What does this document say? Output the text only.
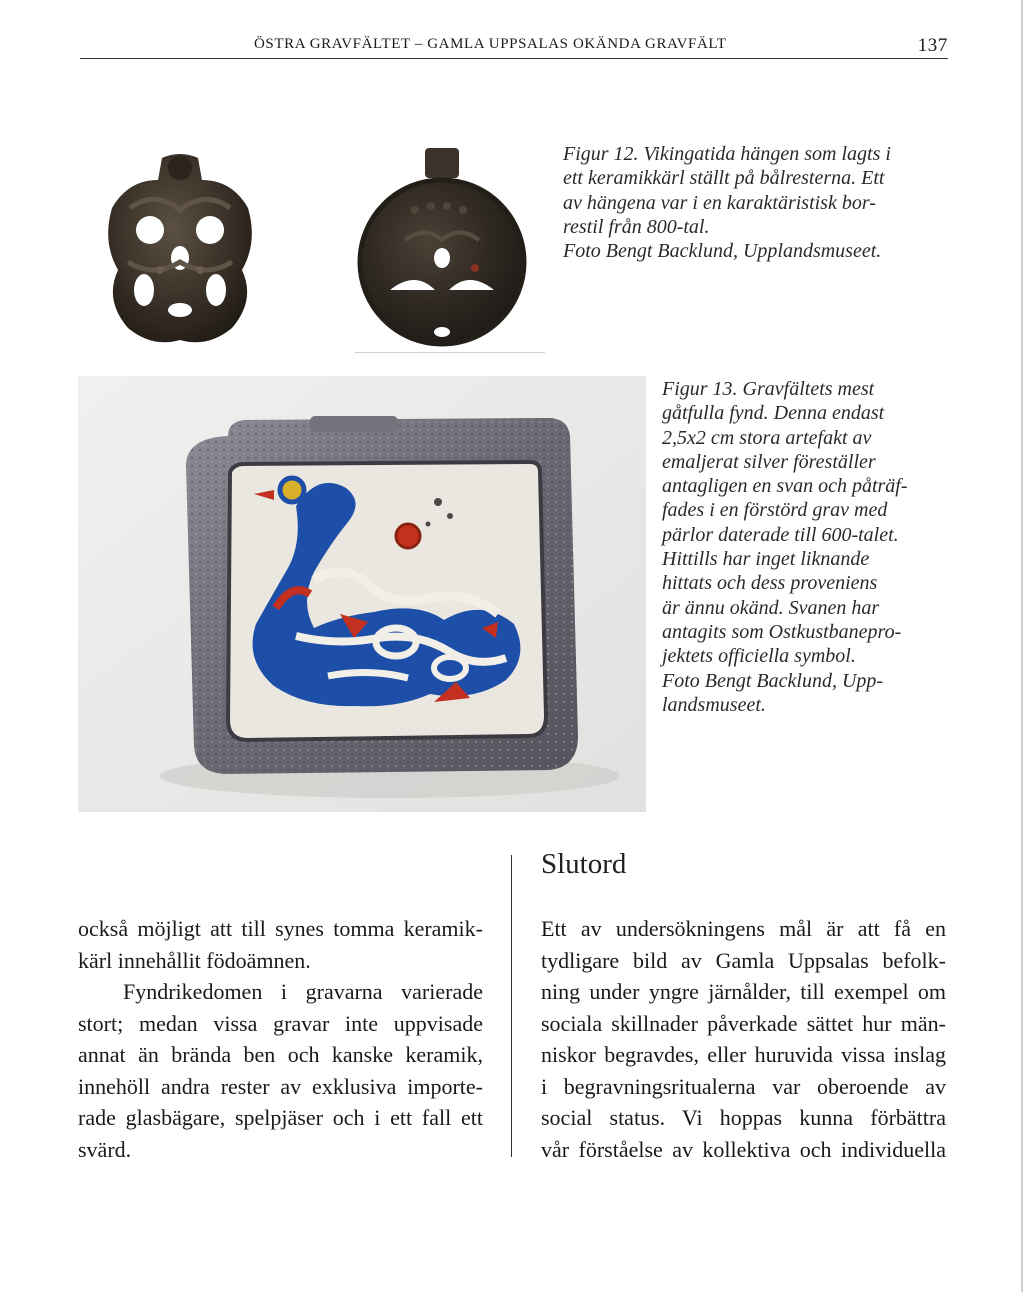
ÖSTRA GRAVFÄLTET – GAMLA UPPSALAS OKÄNDA GRAVFÄLT	137
Figur 12. Vikingatida hängen som lagts i
ett keramikkärl ställt på bålresterna. Ett
av hängena var i en karaktäristisk bor-
restil från 800-tal.
Foto Bengt Backlund, Upplandsmuseet.
Figur 13. Gravfältets mest
gåtfulla fynd. Denna endast
2,5x2 cm stora artefakt av
emaljerat silver föreställer
antagligen en svan och påträf-
fades i en förstörd grav med
pärlor daterade till 600-talet.
Hittills har inget liknande
hittats och dess proveniens
är ännu okänd. Svanen har
antagits som Ostkustbanepro-
jektets officiella symbol.
Foto Bengt Backlund, Upp-
landsmuseet.
Slutord
också möjligt att till synes tomma keramik-
kärl innehållit födoämnen.
Fyndrikedomen i gravarna varierade
stort; medan vissa gravar inte uppvisade
annat än brända ben och kanske keramik,
innehöll andra rester av exklusiva importe-
rade glasbägare, spelpjäser och i ett fall ett
svärd.
Ett av undersökningens mål är att få en
tydligare bild av Gamla Uppsalas befolk-
ning under yngre järnålder, till exempel om
sociala skillnader påverkade sättet hur män-
niskor begravdes, eller huruvida vissa inslag
i begravningsritualerna var oberoende av
social status. Vi hoppas kunna förbättra
vår förståelse av kollektiva och individuella
